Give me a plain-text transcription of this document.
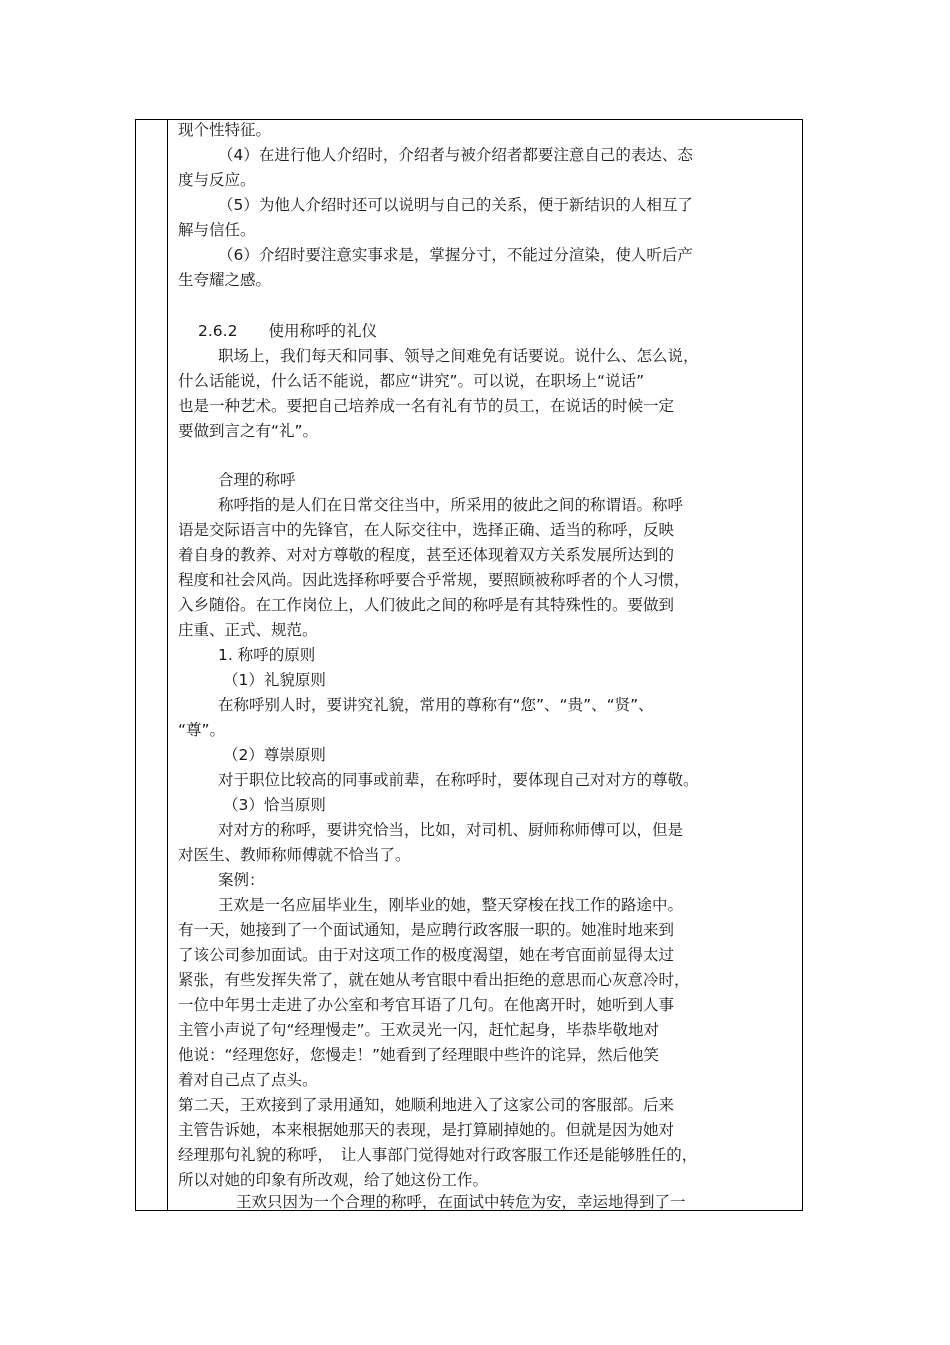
现个性特征。
（4）在进行他人介绍时，介绍者与被介绍者都要注意自己的表达、态
度与反应。
（5）为他人介绍时还可以说明与自己的关系，便于新结识的人相互了
解与信任。
（6）介绍时要注意实事求是，掌握分寸，不能过分渲染，使人听后产
生夸耀之感。
2.6.2　　使用称呼的礼仪
职场上，我们每天和同事、领导之间难免有话要说。说什么、怎么说，
什么话能说，什么话不能说，都应“讲究”。可以说，在职场上“说话”
也是一种艺术。要把自己培养成一名有礼有节的员工，在说话的时候一定
要做到言之有“礼”。
合理的称呼
称呼指的是人们在日常交往当中，所采用的彼此之间的称谓语。称呼
语是交际语言中的先锋官，在人际交往中，选择正确、适当的称呼，反映
着自身的教养、对对方尊敬的程度，甚至还体现着双方关系发展所达到的
程度和社会风尚。因此选择称呼要合乎常规，要照顾被称呼者的个人习惯，
入乡随俗。在工作岗位上，人们彼此之间的称呼是有其特殊性的。要做到
庄重、正式、规范。
1. 称呼的原则
（1）礼貌原则
在称呼别人时，要讲究礼貌，常用的尊称有“您”、“贵”、“贤”、
“尊”。
（2）尊崇原则
对于职位比较高的同事或前辈，在称呼时，要体现自己对对方的尊敬。
（3）恰当原则
对对方的称呼，要讲究恰当，比如，对司机、厨师称师傅可以，但是
对医生、教师称师傅就不恰当了。
案例：
王欢是一名应届毕业生，刚毕业的她，整天穿梭在找工作的路途中。
有一天，她接到了一个面试通知，是应聘行政客服一职的。她准时地来到
了该公司参加面试。由于对这项工作的极度渴望，她在考官面前显得太过
紧张，有些发挥失常了，就在她从考官眼中看出拒绝的意思而心灰意冷时，
一位中年男士走进了办公室和考官耳语了几句。在他离开时，她听到人事
主管小声说了句“经理慢走”。王欢灵光一闪，赶忙起身，毕恭毕敬地对
他说：“经理您好，您慢走！”她看到了经理眼中些许的诧异，然后他笑
着对自己点了点头。
第二天，王欢接到了录用通知，她顺利地进入了这家公司的客服部。后来
主管告诉她，本来根据她那天的表现，是打算刷掉她的。但就是因为她对
经理那句礼貌的称呼，　让人事部门觉得她对行政客服工作还是能够胜任的，
所以对她的印象有所改观，给了她这份工作。
王欢只因为一个合理的称呼，在面试中转危为安，幸运地得到了一
